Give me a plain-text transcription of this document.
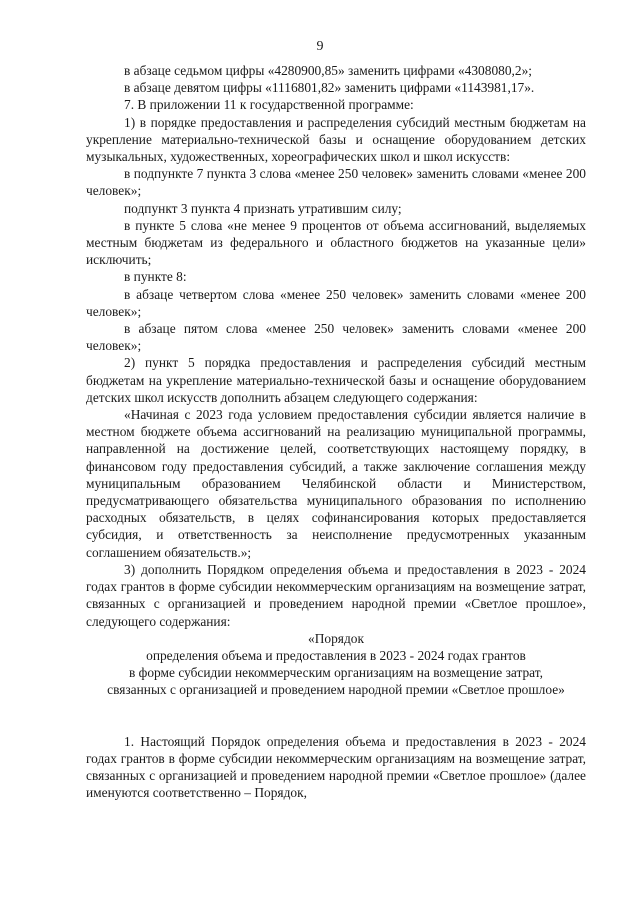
9

в абзаце седьмом цифры «4280900,85» заменить цифрами «4308080,2»;

в абзаце девятом цифры «1116801,82» заменить цифрами «1143981,17».

7. В приложении 11 к государственной программе:

1) в порядке предоставления и распределения субсидий местным бюджетам на укрепление материально-технической базы и оснащение оборудованием детских музыкальных, художественных, хореографических школ и школ искусств:

в подпункте 7 пункта 3 слова «менее 250 человек» заменить словами «менее 200 человек»;

подпункт 3 пункта 4 признать утратившим силу;

в пункте 5 слова «не менее 9 процентов от объема ассигнований, выделяемых местным бюджетам из федерального и областного бюджетов на указанные цели» исключить;

в пункте 8:

в абзаце четвертом слова «менее 250 человек» заменить словами «менее 200 человек»;

в абзаце пятом слова «менее 250 человек» заменить словами «менее 200 человек»;

2) пункт 5 порядка предоставления и распределения субсидий местным бюджетам на укрепление материально-технической базы и оснащение оборудованием детских школ искусств дополнить абзацем следующего содержания:

«Начиная с 2023 года условием предоставления субсидии является наличие в местном бюджете объема ассигнований на реализацию муниципальной программы, направленной на достижение целей, соответствующих настоящему порядку, в финансовом году предоставления субсидий, а также заключение соглашения между муниципальным образованием Челябинской области и Министерством, предусматривающего обязательства муниципального образования по исполнению расходных обязательств, в целях софинансирования которых предоставляется субсидия, и ответственность за неисполнение предусмотренных указанным соглашением обязательств.»;

3) дополнить Порядком определения объема и предоставления в 2023 - 2024 годах грантов в форме субсидии некоммерческим организациям на возмещение затрат, связанных с организацией и проведением народной премии «Светлое прошлое», следующего содержания:

«Порядок

определения объема и предоставления в 2023 - 2024 годах грантов

в форме субсидии некоммерческим организациям на возмещение затрат,

связанных с организацией и проведением народной премии «Светлое прошлое»

1. Настоящий Порядок определения объема и предоставления в 2023 - 2024 годах грантов в форме субсидии некоммерческим организациям на возмещение затрат, связанных с организацией и проведением народной премии «Светлое прошлое» (далее именуются соответственно – Порядок,
